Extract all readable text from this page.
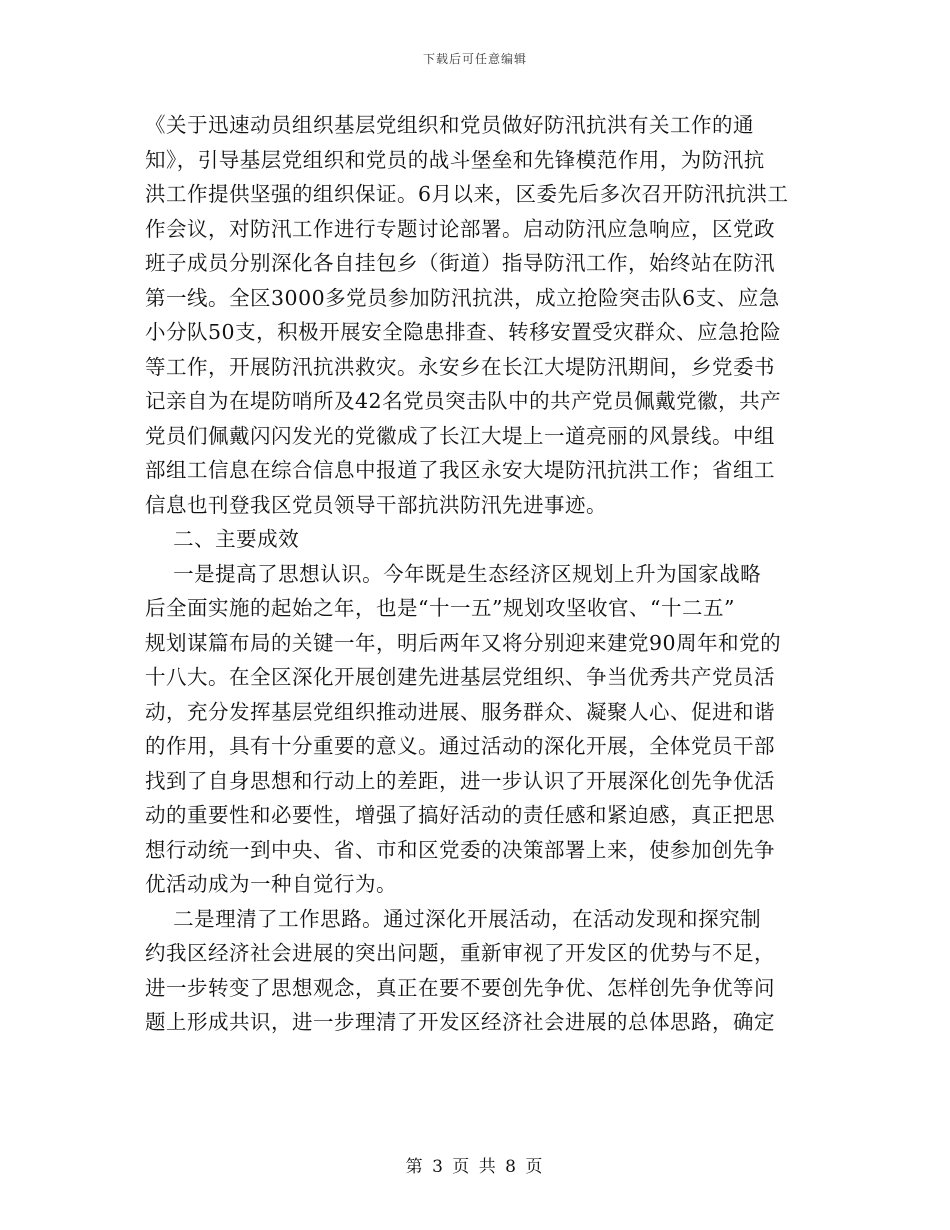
下载后可任意编辑
《关于迅速动员组织基层党组织和党员做好防汛抗洪有关工作的通
知》，引导基层党组织和党员的战斗堡垒和先锋模范作用，为防汛抗
洪工作提供坚强的组织保证。6月以来，区委先后多次召开防汛抗洪工
作会议，对防汛工作进行专题讨论部署。启动防汛应急响应，区党政
班子成员分别深化各自挂包乡（街道）指导防汛工作，始终站在防汛
第一线。全区3000多党员参加防汛抗洪，成立抢险突击队6支、应急
小分队50支，积极开展安全隐患排查、转移安置受灾群众、应急抢险
等工作，开展防汛抗洪救灾。永安乡在长江大堤防汛期间，乡党委书
记亲自为在堤防哨所及42名党员突击队中的共产党员佩戴党徽，共产
党员们佩戴闪闪发光的党徽成了长江大堤上一道亮丽的风景线。中组
部组工信息在综合信息中报道了我区永安大堤防汛抗洪工作；省组工
信息也刊登我区党员领导干部抗洪防汛先进事迹。
二、主要成效
一是提高了思想认识。今年既是生态经济区规划上升为国家战略
后全面实施的起始之年，也是“十一五”规划攻坚收官、“十二五”
规划谋篇布局的关键一年，明后两年又将分别迎来建党90周年和党的
十八大。在全区深化开展创建先进基层党组织、争当优秀共产党员活
动，充分发挥基层党组织推动进展、服务群众、凝聚人心、促进和谐
的作用，具有十分重要的意义。通过活动的深化开展，全体党员干部
找到了自身思想和行动上的差距，进一步认识了开展深化创先争优活
动的重要性和必要性，增强了搞好活动的责任感和紧迫感，真正把思
想行动统一到中央、省、市和区党委的决策部署上来，使参加创先争
优活动成为一种自觉行为。
二是理清了工作思路。通过深化开展活动，在活动发现和探究制
约我区经济社会进展的突出问题，重新审视了开发区的优势与不足，
进一步转变了思想观念，真正在要不要创先争优、怎样创先争优等问
题上形成共识，进一步理清了开发区经济社会进展的总体思路，确定
第 3 页 共 8 页
